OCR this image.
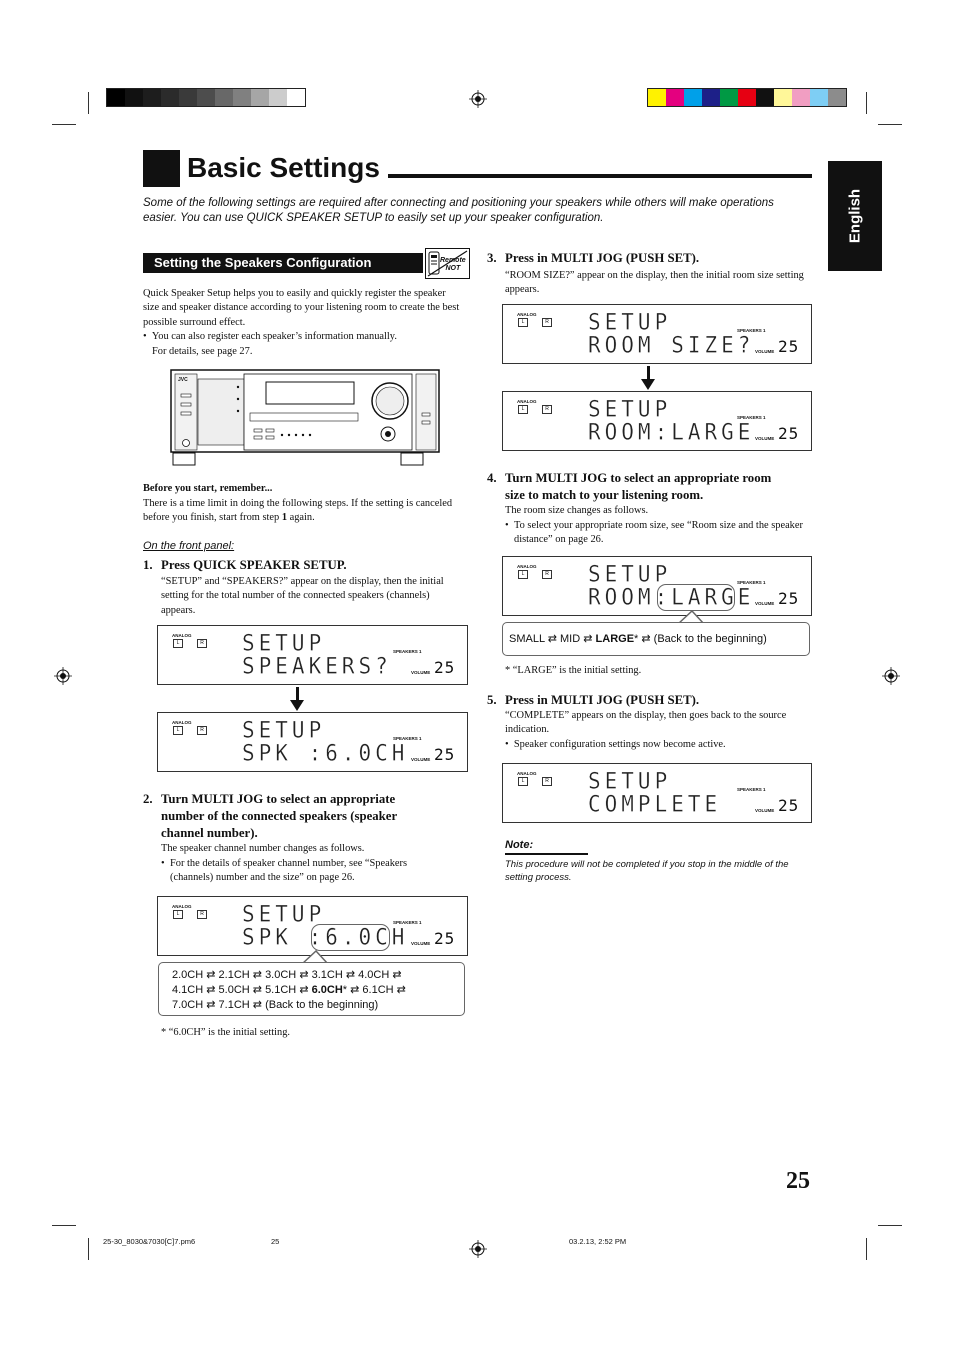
Basic Settings
English
Some of the following settings are required after connecting and positioning your speakers while others will make operations easier. You can use QUICK SPEAKER SETUP to easily set up your speaker configuration.
Setting the Speakers Configuration	Remote
NOT
Quick Speaker Setup helps you to easily and quickly register the speaker size and speaker distance according to your listening room to create the best possible surround effect.
•  You can also register each speaker’s information manually.
For details, see page 27.
JVC
Before you start, remember...
There is a time limit in doing the following steps. If the setting is canceled before you finish, start from step 1 again.
On the front panel:
1. Press QUICK SPEAKER SETUP.
“SETUP” and “SPEAKERS?” appear on the display, then the initial setting for the total number of the connected speakers (channels) appears.
ANALOG
L	R SETUP
SPEAKERS?
SPEAKERS 1
VOLUME 25
ANALOG
L	R SETUP
SPK :6.0CH
SPEAKERS 1
VOLUME 25
2. Turn MULTI JOG to select an appropriate
number of the connected speakers (speaker
channel number).
The speaker channel number changes as follows.
• For the details of speaker channel number, see “Speakers (channels) number and the size” on page 26.
ANALOG
L	R SETUP
SPK :6.0CH
SPEAKERS 1
VOLUME 25
2.0CH ⇄ 2.1CH ⇄ 3.0CH ⇄ 3.1CH ⇄ 4.0CH ⇄
4.1CH ⇄ 5.0CH ⇄ 5.1CH ⇄ 6.0CH* ⇄ 6.1CH ⇄
7.0CH ⇄ 7.1CH ⇄ (Back to the beginning)
* “6.0CH” is the initial setting.
3. Press in MULTI JOG (PUSH SET).
“ROOM SIZE?” appear on the display, then the initial room size setting appears.
ANALOG
L	R SETUP
ROOM SIZE?
SPEAKERS 1
VOLUME 25
ANALOG
L	R SETUP
ROOM:LARGE
SPEAKERS 1
VOLUME 25
4. Turn MULTI JOG to select an appropriate room
size to match to your listening room.
The room size changes as follows.
• To select your appropriate room size, see “Room size and the speaker distance” on page 26.
ANALOG
L	R SETUP
ROOM:LARGE
SPEAKERS 1
VOLUME 25
SMALL ⇄ MID ⇄ LARGE* ⇄ (Back to the beginning)
* “LARGE” is the initial setting.
5. Press in MULTI JOG (PUSH SET).
“COMPLETE” appears on the display, then goes back to the source indication.
•  Speaker configuration settings now become active.
ANALOG
L	R SETUP
COMPLETE
SPEAKERS 1
VOLUME 25
Note:
This procedure will not be completed if you stop in the middle of the setting process.
25
25-30_8030&7030[C]7.pm6	25	03.2.13, 2:52 PM
